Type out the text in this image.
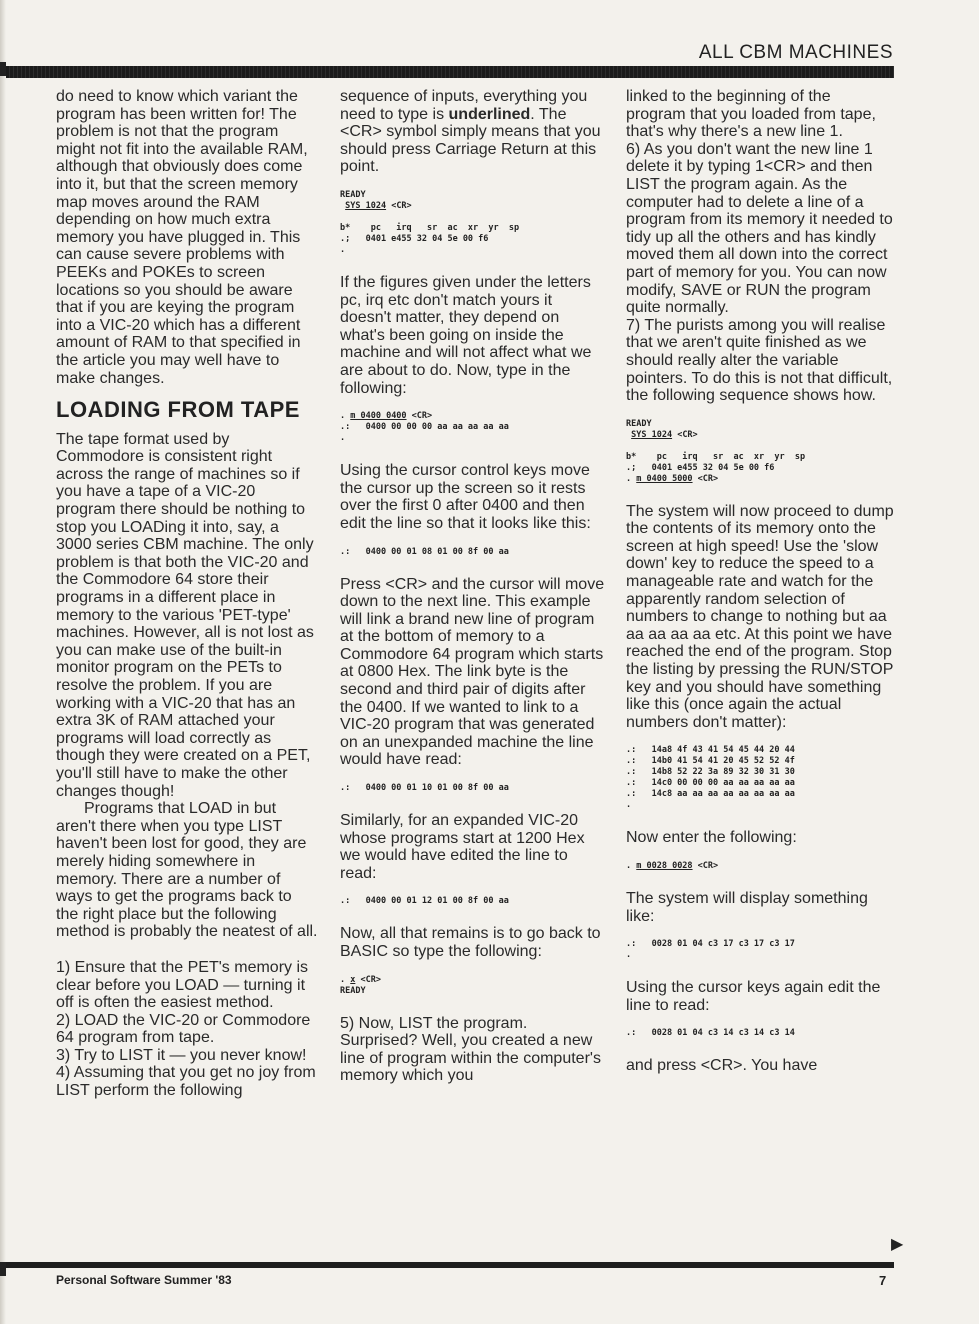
ALL CBM MACHINES

do need to know which variant the program has been written for! The problem is not that the program might not fit into the available RAM, although that obviously does come into it, but that the screen memory map moves around the RAM depending on how much extra memory you have plugged in. This can cause severe problems with PEEKs and POKEs to screen locations so you should be aware that if you are keying the program into a VIC-20 which has a different amount of RAM to that specified in the article you may well have to make changes.

LOADING FROM TAPE

The tape format used by Commodore is consistent right across the range of machines so if you have a tape of a VIC-20 program there should be nothing to stop you LOADing it into, say, a 3000 series CBM machine. The only problem is that both the VIC-20 and the Commodore 64 store their programs in a different place in memory to the various 'PET-type' machines. However, all is not lost as you can make use of the built-in monitor program on the PETs to resolve the problem. If you are working with a VIC-20 that has an extra 3K of RAM attached your programs will load correctly as though they were created on a PET, you'll still have to make the other changes though!

Programs that LOAD in but aren't there when you type LIST haven't been lost for good, they are merely hiding somewhere in memory. There are a number of ways to get the programs back to the right place but the following method is probably the neatest of all.

1) Ensure that the PET's memory is clear before you LOAD — turning it off is often the easiest method.

2) LOAD the VIC-20 or Commodore 64 program from tape.

3) Try to LIST it — you never know!

4) Assuming that you get no joy from LIST perform the following

sequence of inputs, everything you need to type is underlined. The <CR> symbol simply means that you should press Carriage Return at this point.

READY
SYS 1024 <CR>

b*    pc   irq   sr  ac  xr  yr  sp
.;   0401 e455 32 04 5e 00 f6
.

If the figures given under the letters pc, irq etc don't match yours it doesn't matter, they depend on what's been going on inside the machine and will not affect what we are about to do. Now, type in the following:

. m 0400 0400 <CR>
.:   0400 00 00 00 aa aa aa aa aa
.

Using the cursor control keys move the cursor up the screen so it rests over the first 0 after 0400 and then edit the line so that it looks like this:

.:   0400 00 01 08 01 00 8f 00 aa

Press <CR> and the cursor will move down to the next line. This example will link a brand new line of program at the bottom of memory to a Commodore 64 program which starts at 0800 Hex. The link byte is the second and third pair of digits after the 0400. If we wanted to link to a VIC-20 program that was generated on an unexpanded machine the line would have read:

.:   0400 00 01 10 01 00 8f 00 aa

Similarly, for an expanded VIC-20 whose programs start at 1200 Hex we would have edited the line to read:

.:   0400 00 01 12 01 00 8f 00 aa

Now, all that remains is to go back to BASIC so type the following:

. x <CR>
READY

5) Now, LIST the program. Surprised? Well, you created a new line of program within the computer's memory which you

linked to the beginning of the program that you loaded from tape, that's why there's a new line 1.

6) As you don't want the new line 1 delete it by typing 1<CR> and then LIST the program again. As the computer had to delete a line of a program from its memory it needed to tidy up all the others and has kindly moved them all down into the correct part of memory for you. You can now modify, SAVE or RUN the program quite normally.

7) The purists among you will realise that we aren't quite finished as we should really alter the variable pointers. To do this is not that difficult, the following sequence shows how.

READY
SYS 1024 <CR>

b*    pc   irq   sr  ac  xr  yr  sp
.;   0401 e455 32 04 5e 00 f6
. m 0400 5000 <CR>

The system will now proceed to dump the contents of its memory onto the screen at high speed! Use the 'slow down' key to reduce the speed to a manageable rate and watch for the apparently random selection of numbers to change to nothing but aa aa aa aa aa etc. At this point we have reached the end of the program. Stop the listing by pressing the RUN/STOP key and you should have something like this (once again the actual numbers don't matter):

.:   14a8 4f 43 41 54 45 44 20 44
.:   14b0 41 54 41 20 45 52 52 4f
.:   14b8 52 22 3a 89 32 30 31 30
.:   14c0 00 00 00 aa aa aa aa aa
.:   14c8 aa aa aa aa aa aa aa aa
.

Now enter the following:

. m 0028 0028 <CR>

The system will display something like:

.:   0028 01 04 c3 17 c3 17 c3 17
.

Using the cursor keys again edit the line to read:

.:   0028 01 04 c3 14 c3 14 c3 14

and press <CR>. You have

▶
Personal Software Summer '83	7
